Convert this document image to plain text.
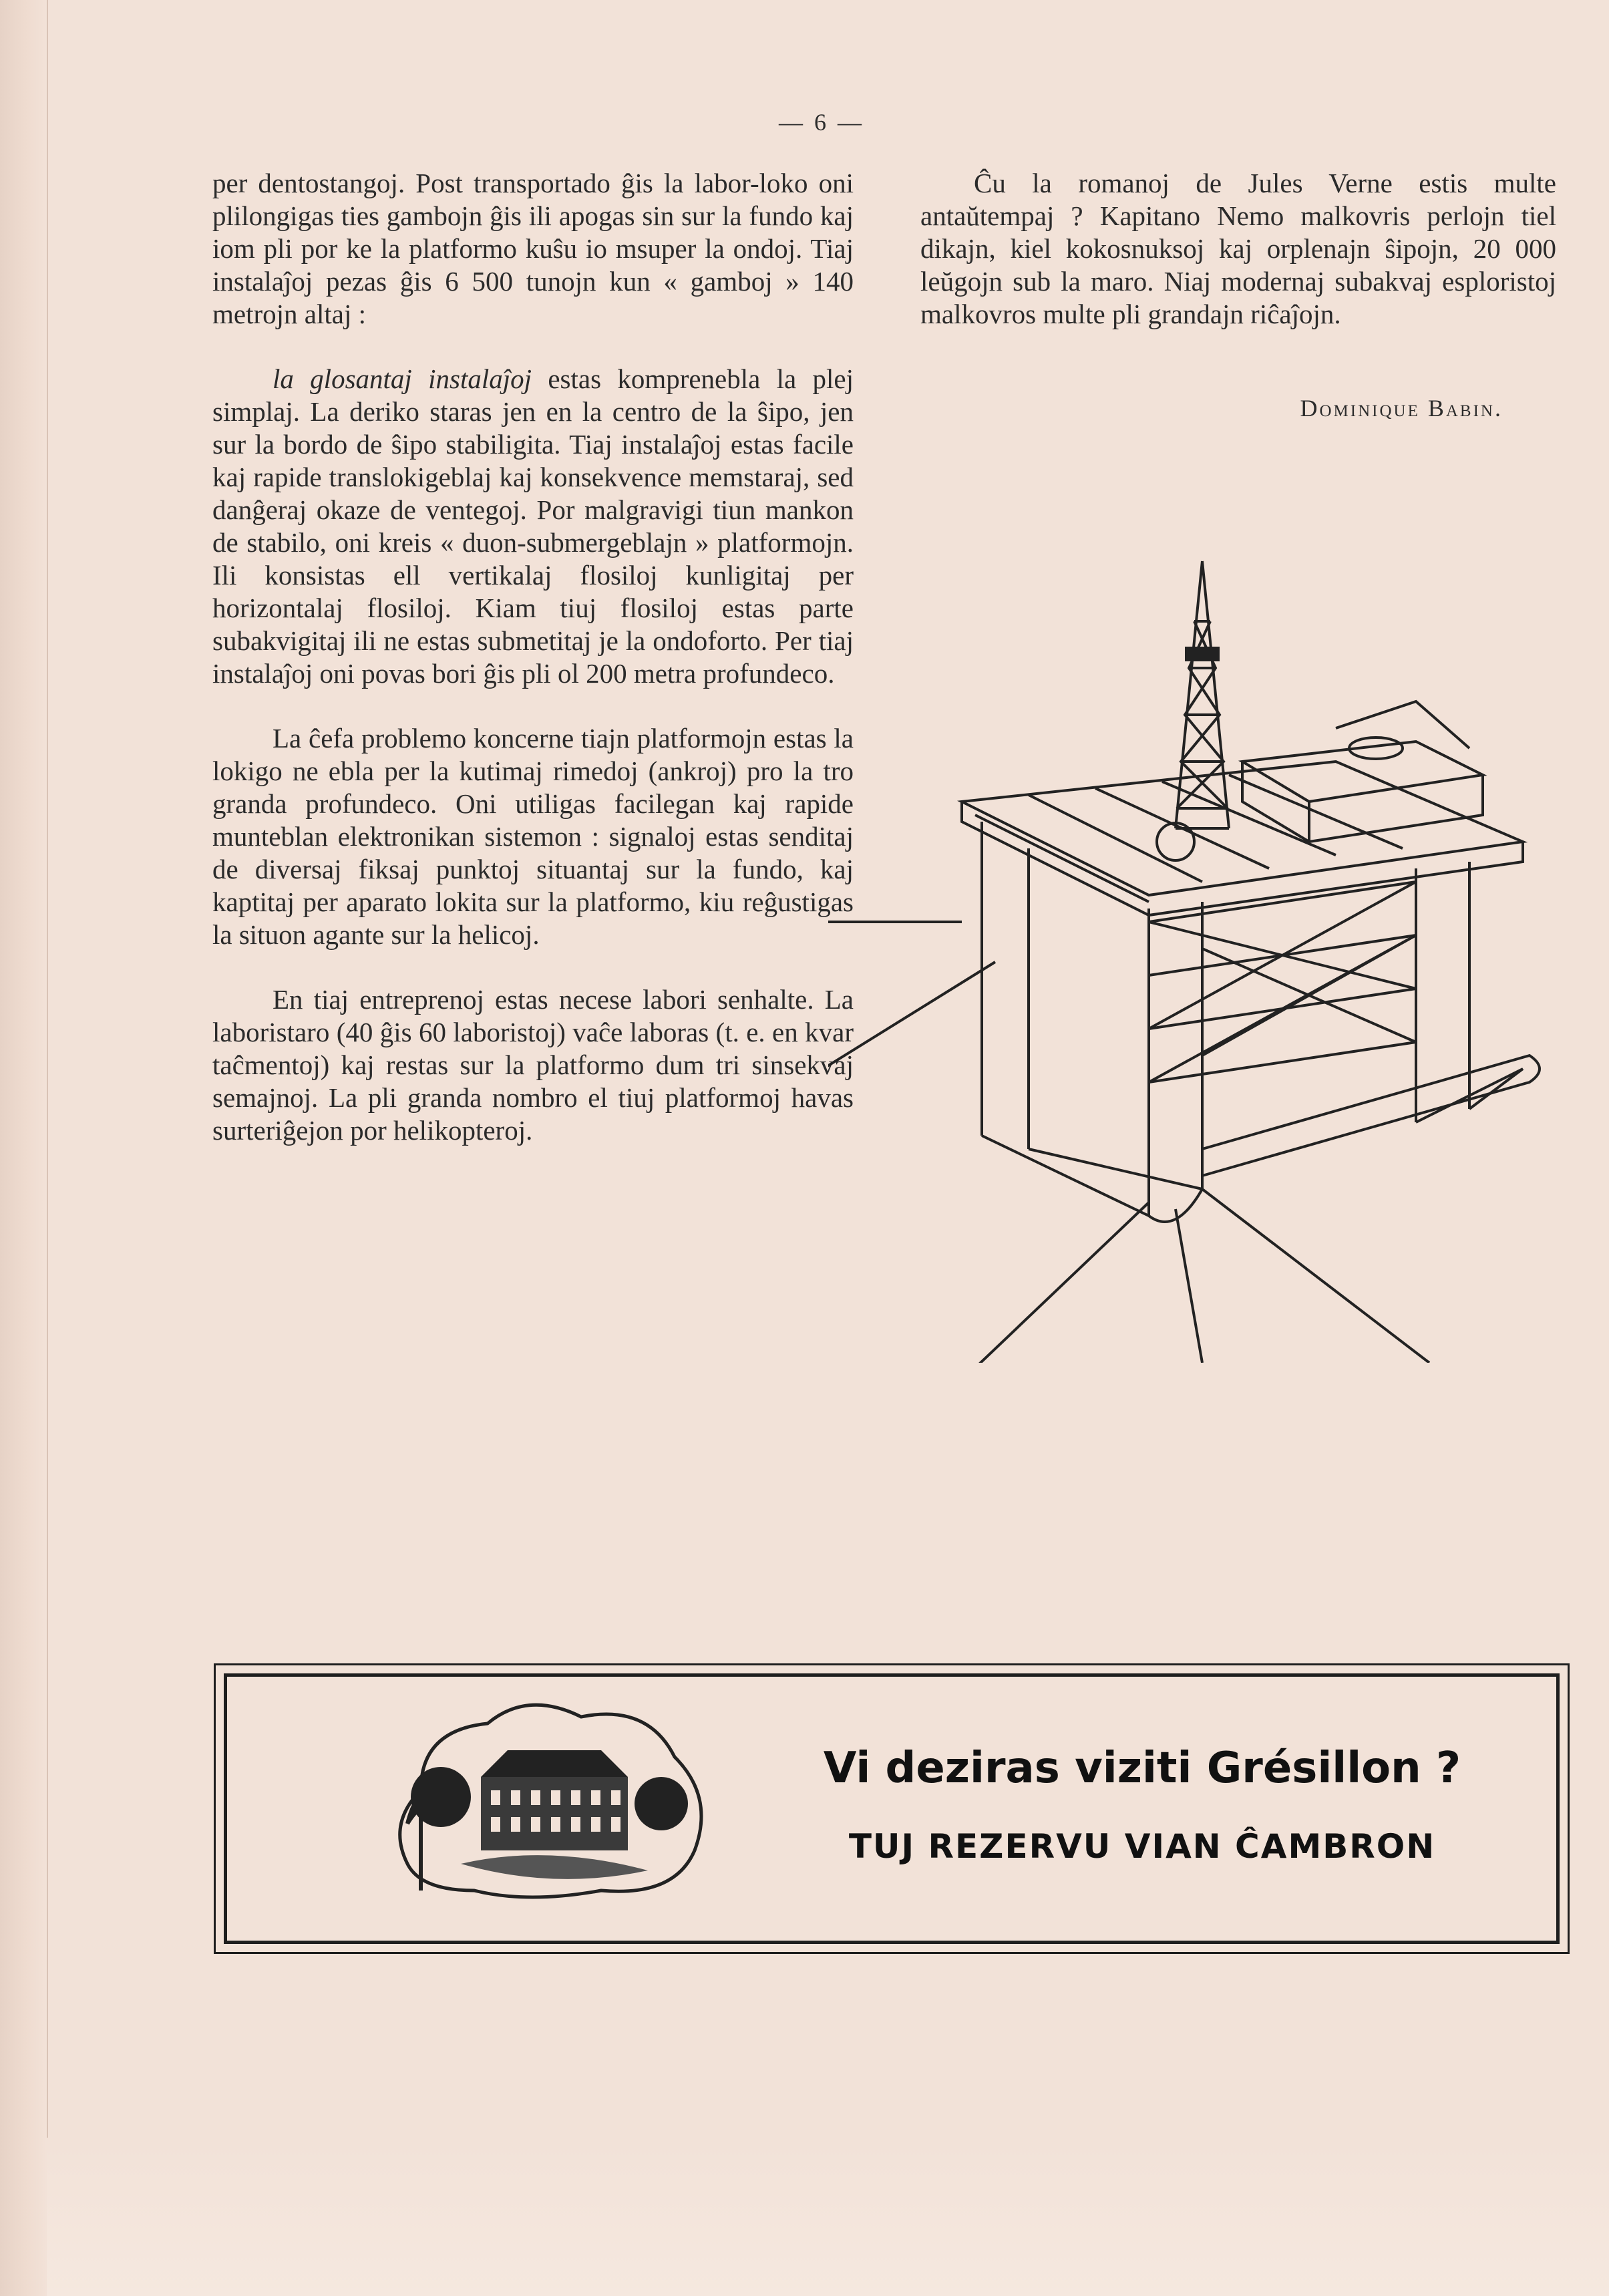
— 6 —

per dentostangoj. Post transportado ĝis la labor-loko oni plilongigas ties gambojn ĝis ili apogas sin sur la fundo kaj iom pli por ke la platformo kuŝu io msuper la ondoj. Tiaj instalaĵoj pezas ĝis 6 500 tunojn kun « gamboj » 140 metrojn altaj :

la glosantaj instalaĵoj estas komprenebla la plej simplaj. La deriko staras jen en la centro de la ŝipo, jen sur la bordo de ŝipo stabiligita. Tiaj instalaĵoj estas facile kaj rapide translokigeblaj kaj konsekvence memstaraj, sed danĝeraj okaze de ventegoj. Por malgravigi tiun mankon de stabilo, oni kreis « duon-submergeblajn » platformojn. Ili konsistas ell vertikalaj flosiloj kunligitaj per horizontalaj flosiloj. Kiam tiuj flosiloj estas parte subakvigitaj ili ne estas submetitaj je la ondoforto. Per tiaj instalaĵoj oni povas bori ĝis pli ol 200 metra profundeco.

La ĉefa problemo koncerne tiajn platformojn estas la lokigo ne ebla per la kutimaj rimedoj (ankroj) pro la tro granda profundeco. Oni utiligas facilegan kaj rapide munteblan elektronikan sistemon : signaloj estas senditaj de diversaj fiksaj punktoj situantaj sur la fundo, kaj kaptitaj per aparato lokita sur la platformo, kiu reĝustigas la situon agante sur la helicoj.

En tiaj entreprenoj estas necese labori senhalte. La laboristaro (40 ĝis 60 laboristoj) vaĉe laboras (t. e. en kvar taĉmentoj) kaj restas sur la platformo dum tri sinsekvaj semajnoj. La pli granda nombro el tiuj platformoj havas surteriĝejon por helikopteroj.

Ĉu la romanoj de Jules Verne estis multe antaŭtempaj ? Kapitano Nemo malkovris perlojn tiel dikajn, kiel kokosnuksoj kaj orplenajn ŝipojn, 20 000 leŭgojn sub la maro. Niaj modernaj subakvaj esploristoj malkovros multe pli grandajn riĉaĵojn.

Dominique Babin.
Vi deziras viziti Grésillon ?
TUJ REZERVU VIAN ĈAMBRON
